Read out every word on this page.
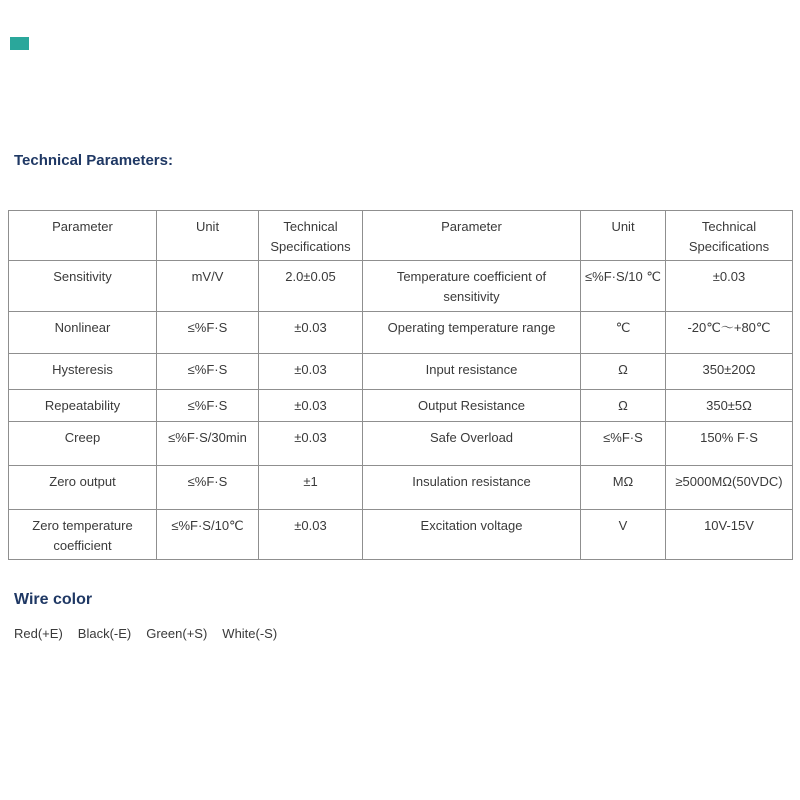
Technical Parameters:
Parameter	Unit	Technical Specifications	Parameter	Unit	Technical Specifications
Sensitivity	mV/V	2.0±0.05	Temperature coefficient of sensitivity	≤%F·S/10 ℃	±0.03
Nonlinear	≤%F·S	±0.03	Operating temperature range	℃	-20℃～+80℃
Hysteresis	≤%F·S	±0.03	Input resistance	Ω	350±20Ω
Repeatability	≤%F·S	±0.03	Output Resistance	Ω	350±5Ω
Creep	≤%F·S/30min	±0.03	Safe Overload	≤%F·S	150% F·S
Zero output	≤%F·S	±1	Insulation resistance	MΩ	≥5000MΩ(50VDC)
Zero temperature coefficient	≤%F·S/10℃	±0.03	Excitation voltage	V	10V-15V
Wire color
Red(+E) Black(-E) Green(+S) White(-S)
